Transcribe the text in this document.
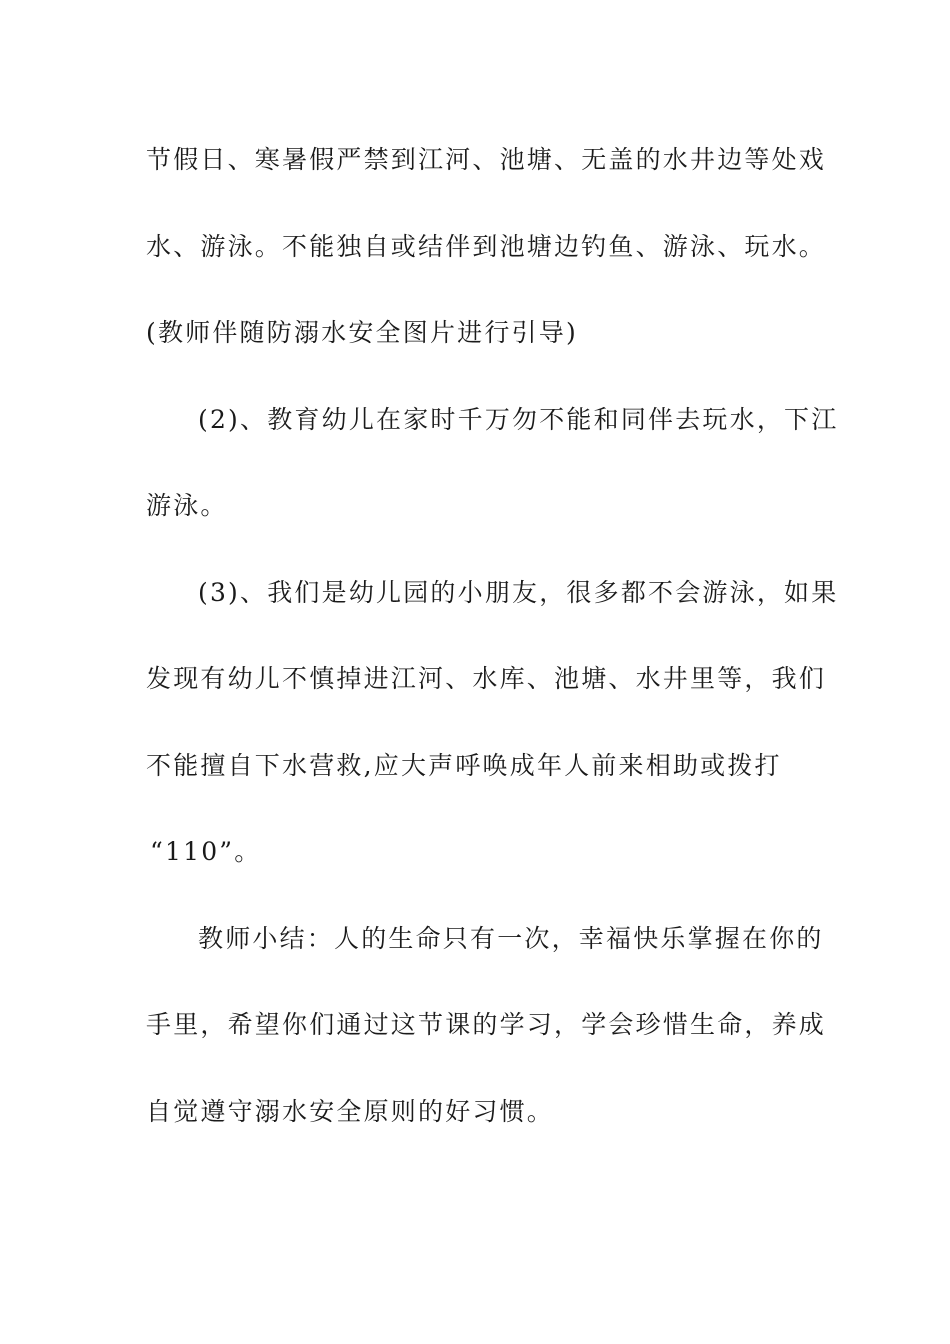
节假日、寒暑假严禁到江河、池塘、无盖的水井边等处戏
水、游泳。不能独自或结伴到池塘边钓鱼、游泳、玩水。
(教师伴随防溺水安全图片进行引导)
(2)、教育幼儿在家时千万勿不能和同伴去玩水，下江
游泳。
(3)、我们是幼儿园的小朋友，很多都不会游泳，如果
发现有幼儿不慎掉进江河、水库、池塘、水井里等，我们
不能擅自下水营救,应大声呼唤成年人前来相助或拨打
“110”。
教师小结：人的生命只有一次，幸福快乐掌握在你的
手里，希望你们通过这节课的学习，学会珍惜生命，养成
自觉遵守溺水安全原则的好习惯。
